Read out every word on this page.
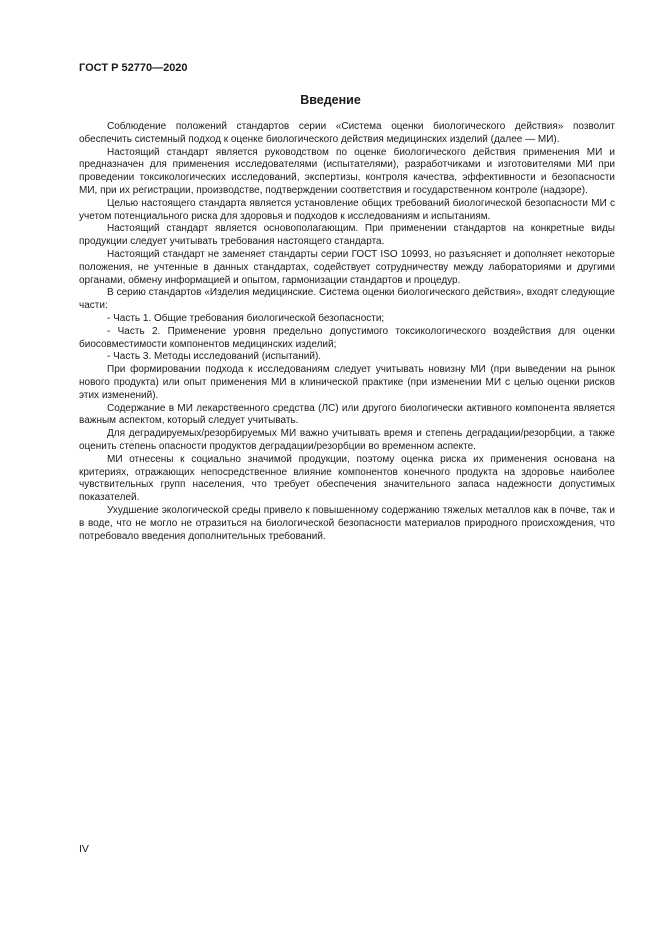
ГОСТ Р 52770—2020
Введение

Соблюдение положений стандартов серии «Система оценки биологического действия» позволит обеспечить системный подход к оценке биологического действия медицинских изделий (далее — МИ).

Настоящий стандарт является руководством по оценке биологического действия применения МИ и предназначен для применения исследователями (испытателями), разработчиками и изготовителями МИ при проведении токсикологических исследований, экспертизы, контроля качества, эффективности и безопасности МИ, при их регистрации, производстве, подтверждении соответствия и государственном контроле (надзоре).

Целью настоящего стандарта является установление общих требований биологической безопасности МИ с учетом потенциального риска для здоровья и подходов к исследованиям и испытаниям.

Настоящий стандарт является основополагающим. При применении стандартов на конкретные виды продукции следует учитывать требования настоящего стандарта.

Настоящий стандарт не заменяет стандарты серии ГОСТ ISO 10993, но разъясняет и дополняет некоторые положения, не учтенные в данных стандартах, содействует сотрудничеству между лабораториями и другими органами, обмену информацией и опытом, гармонизации стандартов и процедур.

В серию стандартов «Изделия медицинские. Система оценки биологического действия», входят следующие части:

- Часть 1. Общие требования биологической безопасности;

- Часть 2. Применение уровня предельно допустимого токсикологического воздействия для оценки биосовместимости компонентов медицинских изделий;

- Часть 3. Методы исследований (испытаний).

При формировании подхода к исследованиям следует учитывать новизну МИ (при выведении на рынок нового продукта) или опыт применения МИ в клинической практике (при изменении МИ с целью оценки рисков этих изменений).

Содержание в МИ лекарственного средства (ЛС) или другого биологически активного компонента является важным аспектом, который следует учитывать.

Для деградируемых/резорбируемых МИ важно учитывать время и степень деградации/резорбции, а также оценить степень опасности продуктов деградации/резорбции во временном аспекте.

МИ отнесены к социально значимой продукции, поэтому оценка риска их применения основана на критериях, отражающих непосредственное влияние компонентов конечного продукта на здоровье наиболее чувствительных групп населения, что требует обеспечения значительного запаса надежности допустимых показателей.

Ухудшение экологической среды привело к повышенному содержанию тяжелых металлов как в почве, так и в воде, что не могло не отразиться на биологической безопасности материалов природного происхождения, что потребовало введения дополнительных требований.

IV
